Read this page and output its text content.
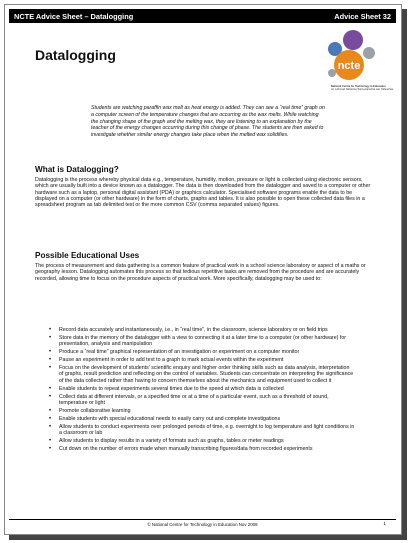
NCTE Advice Sheet – Datalogging	Advice Sheet 32
ncte
National Centre for Technology in Education
An Lárionad Náisiúnta Teicneolaíochta san Oideachas
Datalogging

Students are watching paraffin wax melt as heat energy is added. They can see a “real time” graph on a computer screen of the temperature changes that are occurring as the wax melts. While watching the changing shape of the graph and the melting wax, they are listening to an explanation by the teacher of the energy changes occurring during this change of phase. The students are then asked to investigate whether similar energy changes take place when the melted wax solidifies.

What is Datalogging?

Datalogging is the process whereby physical data e.g., temperature, humidity, motion, pressure or light is collected using electronic sensors, which are usually built into a device known as a datalogger. The data is then downloaded from the datalogger and saved to a computer or other hardware such as a laptop, personal digital assistant (PDA) or graphics calculator. Specialised software programs enable the data to be displayed on a computer (or other hardware) in the form of charts, graphs and tables. It is also possible to open these collected data files in a spreadsheet program as tab delimited text or the more common CSV (comma separated values) figures.

Possible Educational Uses

The process of measurement and data gathering is a common feature of practical work in a school science laboratory or aspect of a maths or geography lesson. Datalogging automates this process so that tedious repetitive tasks are removed from the procedure and are accurately recorded, allowing time to focus on the procedure aspects of practical work. More specifically, datalogging may be used to:

• Record data accurately and instantaneously, i.e., in “real time”, in the classroom, science laboratory or on field trips
• Store data in the memory of the datalogger with a view to connecting it at a later time to a computer (or other hardware) for presentation, analysis and manipulation
• Produce a “real time” graphical representation of an investigation or experiment on a computer monitor
• Pause an experiment in order to add text to a graph to mark actual events within the experiment
• Focus on the development of students’ scientific enquiry and higher order thinking skills such as data analysis, interpretation of graphs, result prediction and reflecting on the control of variables. Students can concentrate on interpreting the significance of the data collected rather than having to concern themselves about the mechanics and equipment used to collect it
• Enable students to repeat experiments several times due to the speed at which data is collected
• Collect data at different intervals, or a specified time or at a time of a particular event, such as a threshold of sound, temperature or light
• Promote collaborative learning
• Enable students with special educational needs to easily carry out and complete investigations
• Allow students to conduct experiments over prolonged periods of time, e.g. overnight to log temperature and light conditions in a classroom or lab
• Allow students to display results in a variety of formats such as graphs, tables or meter readings
• Cut down on the number of errors made when manually transcribing figures/data from recorded experiments
© National Centre for Technology in Education Nov 2008	1
